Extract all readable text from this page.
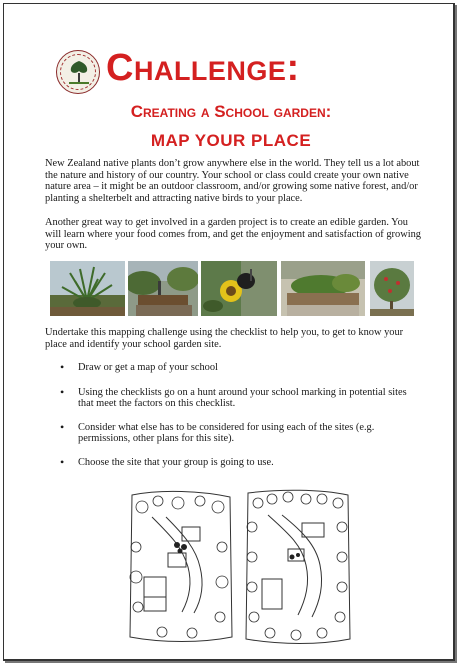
Challenge:
Creating a School garden:
MAP YOUR PLACE

New Zealand native plants don’t grow anywhere else in the world. They tell us a lot about the nature and history of our country. Your school or class could create your own native nature area – it might be an outdoor classroom, and/or growing some native forest, and/or planting a shelterbelt and attracting native birds to your place.

Another great way to get involved in a garden project is to create an edible garden. You will learn where your food comes from, and get the enjoyment and satisfaction of growing your own.

Undertake this mapping challenge using the checklist to help you, to get to know your place and identify your school garden site.

• Draw or get a map of your school
• Using the checklists go on a hunt around your school marking in potential sites that meet the factors on this checklist.
• Consider what else has to be considered for using each of the sites (e.g. permissions, other plans for this site).
• Choose the site that your group is going to use.
